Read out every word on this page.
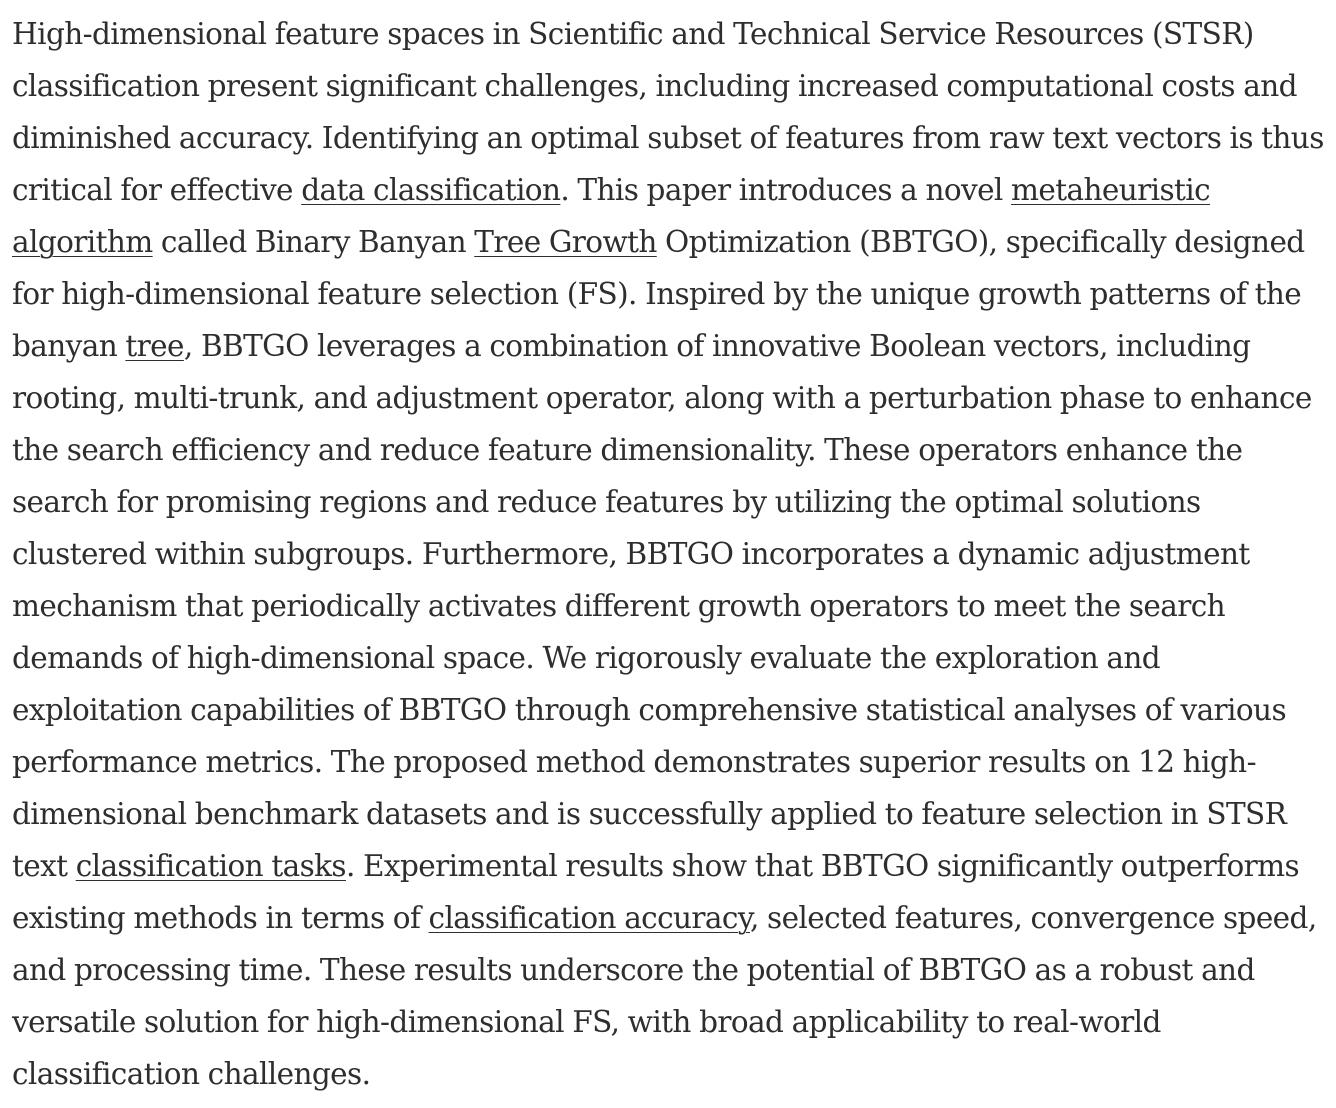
High-dimensional feature spaces in Scientific and Technical Service Resources (STSR) classification present significant challenges, including increased computational costs and diminished accuracy. Identifying an optimal subset of features from raw text vectors is thus critical for effective data classification. This paper introduces a novel metaheuristic algorithm called Binary Banyan Tree Growth Optimization (BBTGO), specifically designed for high-dimensional feature selection (FS). Inspired by the unique growth patterns of the banyan tree, BBTGO leverages a combination of innovative Boolean vectors, including rooting, multi-trunk, and adjustment operator, along with a perturbation phase to enhance the search efficiency and reduce feature dimensionality. These operators enhance the search for promising regions and reduce features by utilizing the optimal solutions clustered within subgroups. Furthermore, BBTGO incorporates a dynamic adjustment mechanism that periodically activates different growth operators to meet the search demands of high-dimensional space. We rigorously evaluate the exploration and exploitation capabilities of BBTGO through comprehensive statistical analyses of various performance metrics. The proposed method demonstrates superior results on 12 high-dimensional benchmark datasets and is successfully applied to feature selection in STSR text classification tasks. Experimental results show that BBTGO significantly outperforms existing methods in terms of classification accuracy, selected features, convergence speed, and processing time. These results underscore the potential of BBTGO as a robust and versatile solution for high-dimensional FS, with broad applicability to real-world classification challenges.
